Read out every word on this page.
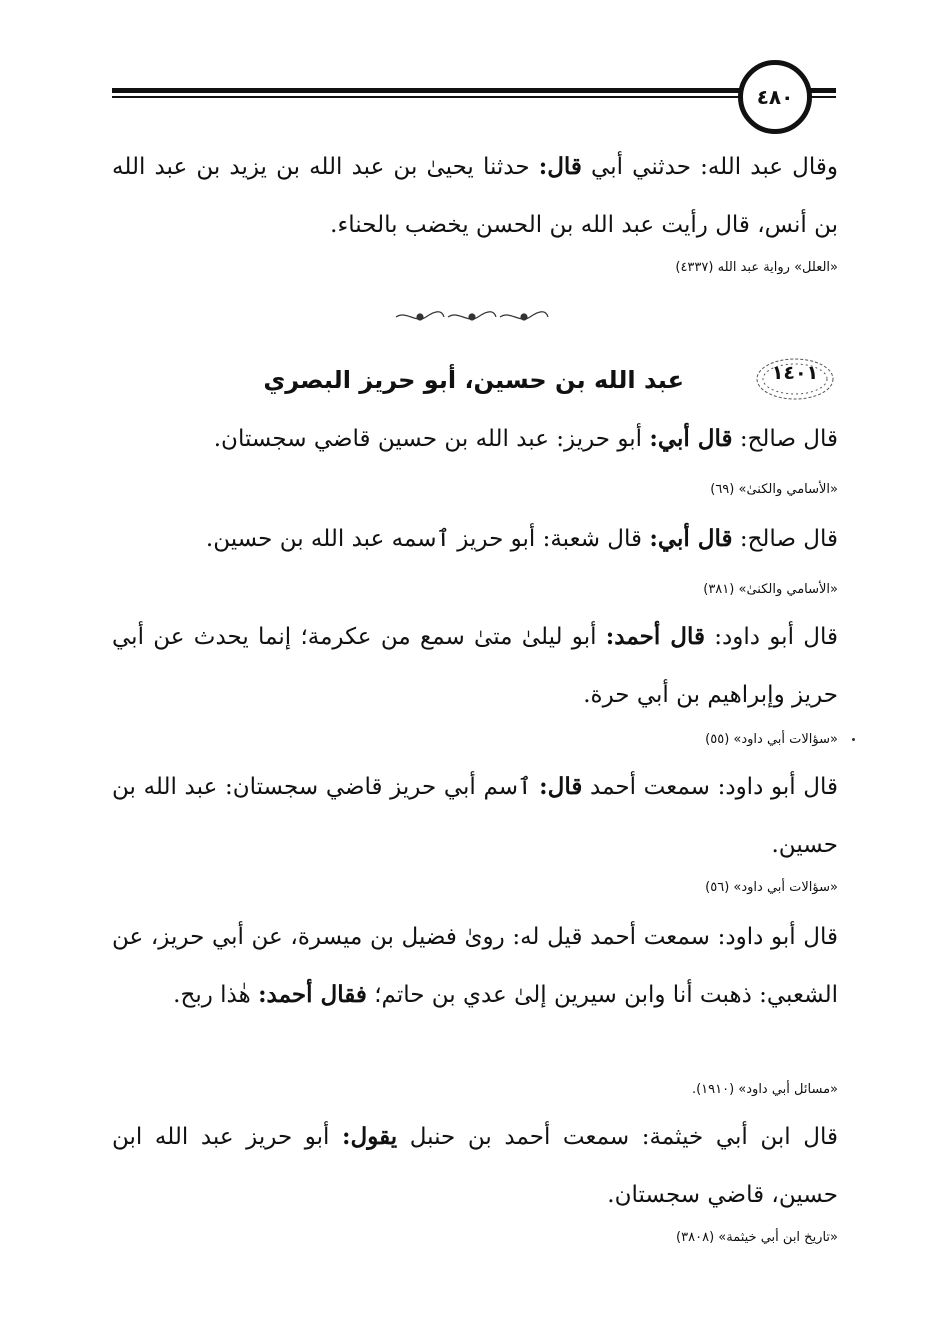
٤٨٠
وقال عبد الله: حدثني أبي قال: حدثنا يحيىٰ بن عبد الله بن يزيد بن عبد الله بن أنس، قال رأيت عبد الله بن الحسن يخضب بالحناء.
«العلل» رواية عبد الله (٤٣٣٧)
١٤٠١
عبد الله بن حسين، أبو حريز البصري
قال صالح: قال أبي: أبو حريز: عبد الله بن حسين قاضي سجستان.
«الأسامي والكنىٰ» (٦٩)
قال صالح: قال أبي: قال شعبة: أبو حريز ٱسمه عبد الله بن حسين.
«الأسامي والكنىٰ» (٣٨١)
قال أبو داود: قال أحمد: أبو ليلىٰ متىٰ سمع من عكرمة؛ إنما يحدث عن أبي حريز وإبراهيم بن أبي حرة.
«سؤالات أبي داود» (٥٥)
قال أبو داود: سمعت أحمد قال: ٱسم أبي حريز قاضي سجستان: عبد الله بن حسين.
«سؤالات أبي داود» (٥٦)
قال أبو داود: سمعت أحمد قيل له: رویٰ فضيل بن ميسرة، عن أبي حريز، عن الشعبي: ذهبت أنا وابن سيرين إلىٰ عدي بن حاتم؛ فقال أحمد: هٰذا ربح.
«مسائل أبي داود» (١٩١٠).
قال ابن أبي خيثمة: سمعت أحمد بن حنبل يقول: أبو حريز عبد الله ابن حسين، قاضي سجستان.
«تاريخ ابن أبي خيثمة» (٣٨٠٨)
